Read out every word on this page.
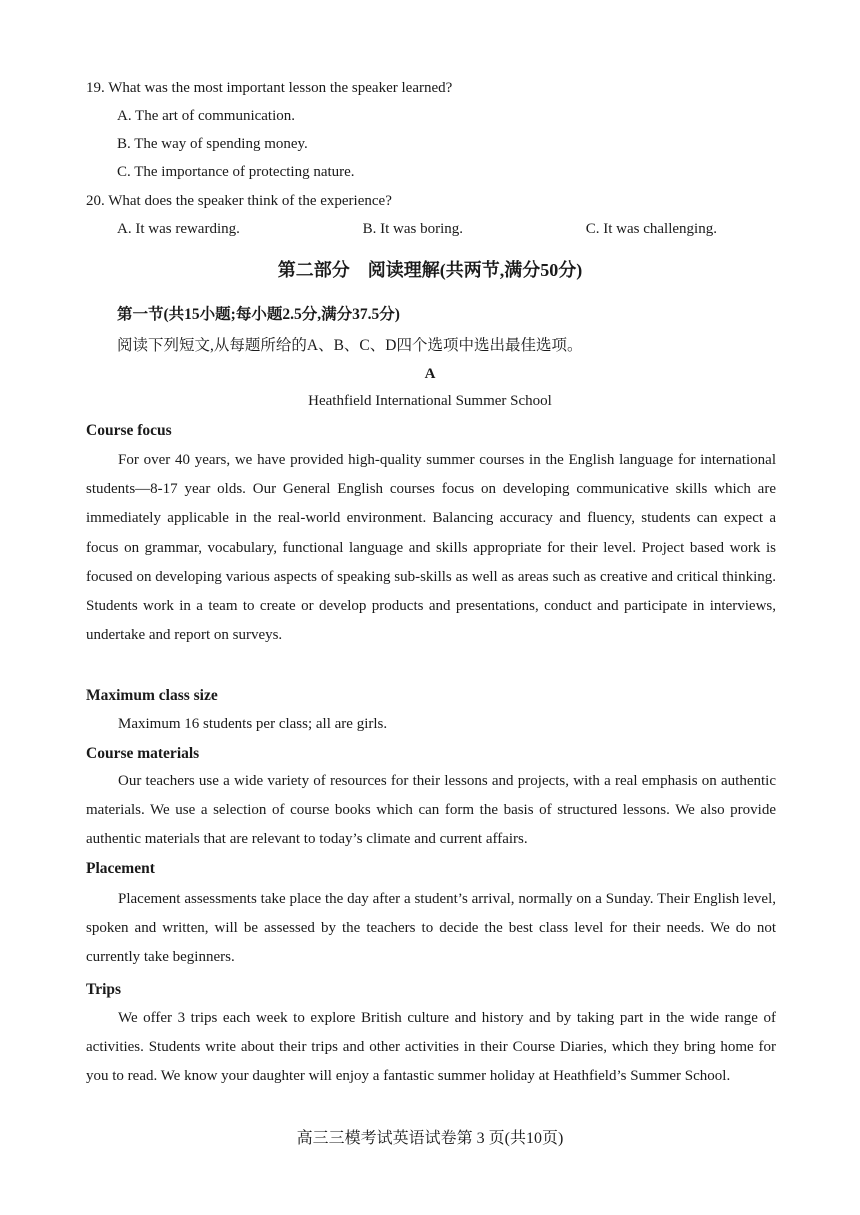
19. What was the most important lesson the speaker learned?
A. The art of communication.
B. The way of spending money.
C. The importance of protecting nature.
20. What does the speaker think of the experience?
A. It was rewarding.	B. It was boring.	C. It was challenging.
第二部分　阅读理解(共两节,满分50分)
第一节(共15小题;每小题2.5分,满分37.5分)
阅读下列短文,从每题所给的A、B、C、D四个选项中选出最佳选项。
A
Heathfield International Summer School
Course focus
For over 40 years, we have provided high-quality summer courses in the English language for international students—8-17 year olds. Our General English courses focus on developing communicative skills which are immediately applicable in the real-world environment. Balancing accuracy and fluency, students can expect a focus on grammar, vocabulary, functional language and skills appropriate for their level. Project based work is focused on developing various aspects of speaking sub-skills as well as areas such as creative and critical thinking. Students work in a team to create or develop products and presentations, conduct and participate in interviews, undertake and report on surveys.
Maximum class size
Maximum 16 students per class; all are girls.
Course materials
Our teachers use a wide variety of resources for their lessons and projects, with a real emphasis on authentic materials. We use a selection of course books which can form the basis of structured lessons. We also provide authentic materials that are relevant to today’s climate and current affairs.
Placement
Placement assessments take place the day after a student’s arrival, normally on a Sunday. Their English level, spoken and written, will be assessed by the teachers to decide the best class level for their needs. We do not currently take beginners.
Trips
We offer 3 trips each week to explore British culture and history and by taking part in the wide range of activities. Students write about their trips and other activities in their Course Diaries, which they bring home for you to read. We know your daughter will enjoy a fantastic summer holiday at Heathfield’s Summer School.
高三三模考试英语试卷第 3 页(共10页)
